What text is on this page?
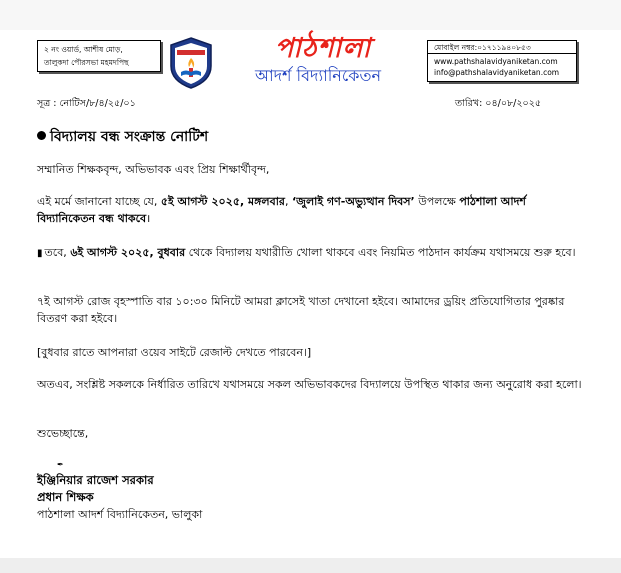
২ নং ওয়ার্ড, আশীষ মোড়,
তালুকদা পৌরসভা মহমদপিছ	পাঠশালা
আদর্শ বিদ্যানিকেতন
মোবাইল নম্বর:০১৭১১৯৪০৮৫৩
www.pathshalavidyaniketan.com
info@pathshalavidyaniketan.com
সূত্র : নোটিস/৮/৪/২৫/০১	তারিখ: ০৪/০৮/২০২৫
বিদ্যালয় বন্ধ সংক্রান্ত নোটিশ
সম্মানিত শিক্ষকবৃন্দ, অভিভাবক এবং প্রিয় শিক্ষার্থীবৃন্দ,
এই মর্মে জানানো যাচ্ছে যে, ৫ই আগস্ট ২০২৫, মঙ্গলবার, ‘জুলাই গণ-অভ্যুত্থান দিবস’ উপলক্ষে পাঠশালা আদর্শ বিদ্যানিকেতন বন্ধ থাকবে।
▮ তবে, ৬ই আগস্ট ২০২৫, বুধবার থেকে বিদ্যালয় যথারীতি খোলা থাকবে এবং নিয়মিত পাঠদান কার্যক্রম যথাসময়ে শুরু হবে।
৭ই আগস্ট রোজ বৃহস্পাতি বার ১০:৩০ মিনিটে আমরা ক্লাসেই খাতা দেখানো হইবে। আমাদের ড্রয়িং প্রতিযোগিতার পুরষ্কার বিতরণ করা হইবে।
[বুধবার রাতে আপনারা ওয়েব সাইটে রেজাল্ট দেখতে পারবেন।]
অতএব, সংশ্লিষ্ট সকলকে নির্ধারিত তারিখে যথাসময়ে সকল অভিভাবকদের বিদ্যালয়ে উপস্থিত থাকার জন্য অনুরোধ করা হলো।
শুভেচ্ছান্তে,
✒
ইঞ্জিনিয়ার রাজেশ সরকার
প্রধান শিক্ষক
পাঠশালা আদর্শ বিদ্যানিকেতন, ভালুকা
